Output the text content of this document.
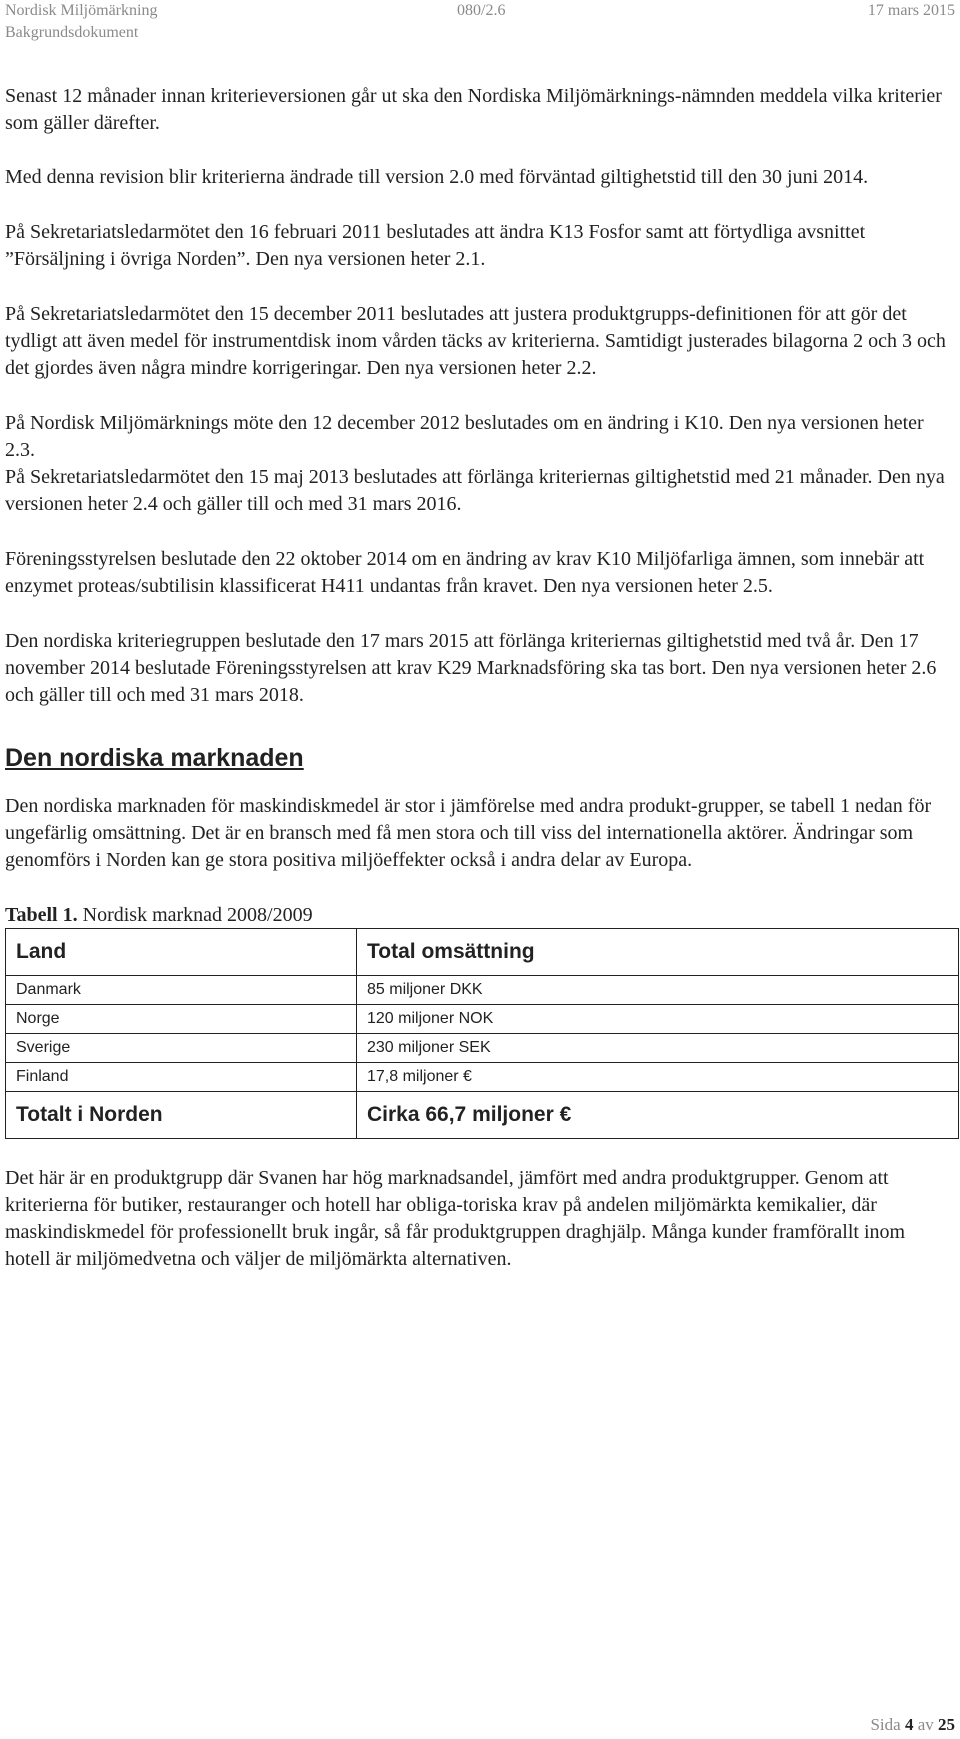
Nordisk Miljömärkning
Bakgrundsdokument
080/2.6	17 mars 2015

Senast 12 månader innan kriterieversionen går ut ska den Nordiska Miljömärknings-nämnden meddela vilka kriterier som gäller därefter.

Med denna revision blir kriterierna ändrade till version 2.0 med förväntad giltighetstid till den 30 juni 2014.

På Sekretariatsledarmötet den 16 februari 2011 beslutades att ändra K13 Fosfor samt att förtydliga avsnittet ”Försäljning i övriga Norden”. Den nya versionen heter 2.1.

På Sekretariatsledarmötet den 15 december 2011 beslutades att justera produktgrupps-definitionen för att gör det tydligt att även medel för instrumentdisk inom vården täcks av kriterierna. Samtidigt justerades bilagorna 2 och 3 och det gjordes även några mindre korrigeringar. Den nya versionen heter 2.2.

På Nordisk Miljömärknings möte den 12 december 2012 beslutades om en ändring i K10. Den nya versionen heter 2.3.

På Sekretariatsledarmötet den 15 maj 2013 beslutades att förlänga kriteriernas giltighetstid med 21 månader. Den nya versionen heter 2.4 och gäller till och med 31 mars 2016.

Föreningsstyrelsen beslutade den 22 oktober 2014 om en ändring av krav K10 Miljöfarliga ämnen, som innebär att enzymet proteas/subtilisin klassificerat H411 undantas från kravet. Den nya versionen heter 2.5.

Den nordiska kriteriegruppen beslutade den 17 mars 2015 att förlänga kriteriernas giltighetstid med två år. Den 17 november 2014 beslutade Föreningsstyrelsen att krav K29 Marknadsföring ska tas bort. Den nya versionen heter 2.6 och gäller till och med 31 mars 2018.

Den nordiska marknaden

Den nordiska marknaden för maskindiskmedel är stor i jämförelse med andra produkt-grupper, se tabell 1 nedan för ungefärlig omsättning. Det är en bransch med få men stora och till viss del internationella aktörer. Ändringar som genomförs i Norden kan ge stora positiva miljöeffekter också i andra delar av Europa.

Tabell 1. Nordisk marknad 2008/2009

Land	Total omsättning
Danmark	85 miljoner DKK
Norge	120 miljoner NOK
Sverige	230 miljoner SEK
Finland	17,8 miljoner €
Totalt i Norden	Cirka 66,7 miljoner €

Det här är en produktgrupp där Svanen har hög marknadsandel, jämfört med andra produktgrupper. Genom att kriterierna för butiker, restauranger och hotell har obliga-toriska krav på andelen miljömärkta kemikalier, där maskindiskmedel för professionellt bruk ingår, så får produktgruppen draghjälp. Många kunder framförallt inom hotell är miljömedvetna och väljer de miljömärkta alternativen.

Sida 4 av 25
